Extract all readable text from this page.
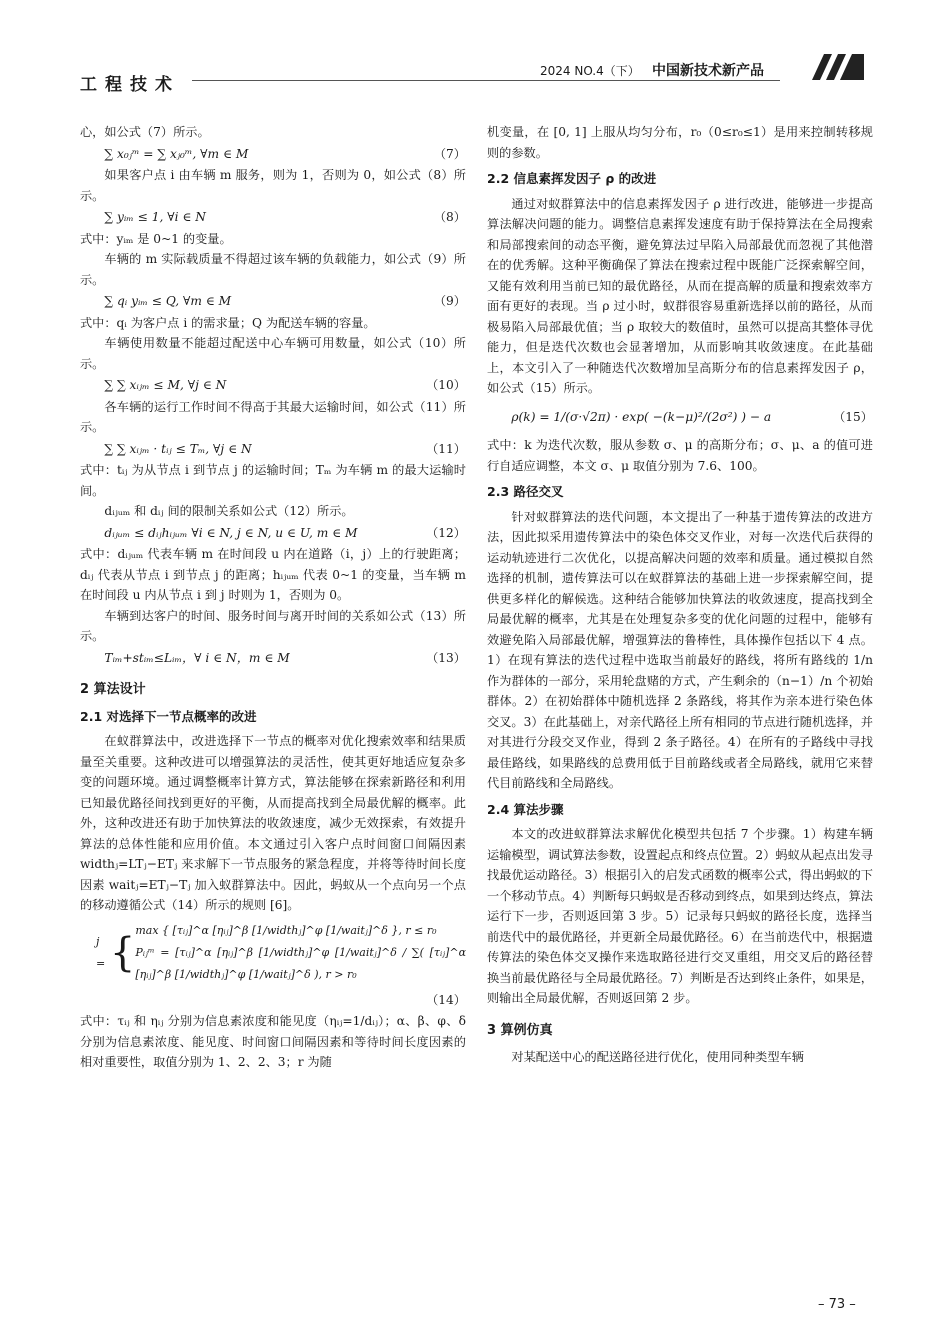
工程技术
2024 NO.4（下） 中国新技术新产品

心，如公式（7）所示。

∑ x₀ⱼᵐ = ∑ xⱼ₀ᵐ, ∀m ∈ M	（7）

如果客户点 i 由车辆 m 服务，则为 1，否则为 0，如公式（8）所示。

∑ yᵢₘ ≤ 1, ∀i ∈ N	（8）

式中：yᵢₘ 是 0~1 的变量。

车辆的 m 实际载质量不得超过该车辆的负载能力，如公式（9）所示。

∑ qᵢ yᵢₘ ≤ Q, ∀m ∈ M	（9）

式中：qᵢ 为客户点 i 的需求量；Q 为配送车辆的容量。

车辆使用数量不能超过配送中心车辆可用数量，如公式（10）所示。

∑ ∑ xᵢⱼₘ ≤ M, ∀j ∈ N	（10）

各车辆的运行工作时间不得高于其最大运输时间，如公式（11）所示。

∑ ∑ xᵢⱼₘ · tᵢⱼ ≤ Tₘ, ∀j ∈ N	（11）

式中：tᵢⱼ 为从节点 i 到节点 j 的运输时间；Tₘ 为车辆 m 的最大运输时间。

dᵢⱼᵤₘ 和 dᵢⱼ 间的限制关系如公式（12）所示。

dᵢⱼᵤₘ ≤ dᵢⱼhᵢⱼᵤₘ ∀i ∈ N, j ∈ N, u ∈ U, m ∈ M	（12）

式中：dᵢⱼᵤₘ 代表车辆 m 在时间段 u 内在道路（i，j）上的行驶距离；dᵢⱼ 代表从节点 i 到节点 j 的距离；hᵢⱼᵤₘ 代表 0~1 的变量，当车辆 m 在时间段 u 内从节点 i 到 j 时则为 1，否则为 0。

车辆到达客户的时间、服务时间与离开时间的关系如公式（13）所示。

Tᵢₘ+stᵢₘ≤Lᵢₘ，∀ i ∈ N，m ∈ M	（13）
2 算法设计
2.1 对选择下一节点概率的改进

在蚁群算法中，改进选择下一节点的概率对优化搜索效率和结果质量至关重要。这种改进可以增强算法的灵活性，使其更好地适应复杂多变的问题环境。通过调整概率计算方式，算法能够在探索新路径和利用已知最优路径间找到更好的平衡，从而提高找到全局最优解的概率。此外，这种改进还有助于加快算法的收敛速度，减少无效探索，有效提升算法的总体性能和应用价值。本文通过引入客户点时间窗口间隔因素 widthⱼ=LTⱼ−ETⱼ 来求解下一节点服务的紧急程度，并将等待时间长度因素 waitⱼ=ETⱼ−Tⱼ 加入蚁群算法中。因此，蚂蚁从一个点向另一个点的移动遵循公式（14）所示的规则 [6]。

j = { max { [τᵢⱼ]^α [ηᵢⱼ]^β [1/widthⱼ]^φ [1/waitⱼ]^δ }, r ≤ r₀
Pᵢⱼᵐ = [τᵢⱼ]^α [ηᵢⱼ]^β [1/widthⱼ]^φ [1/waitⱼ]^δ / ∑( [τᵢⱼ]^α [ηᵢⱼ]^β [1/widthⱼ]^φ [1/waitⱼ]^δ ), r > r₀
（14）

式中：τᵢⱼ 和 ηᵢⱼ 分别为信息素浓度和能见度（ηᵢⱼ=1/dᵢⱼ）；α、β、φ、δ 分别为信息素浓度、能见度、时间窗口间隔因素和等待时间长度因素的相对重要性，取值分别为 1、2、2、3；r 为随

机变量，在 [0, 1] 上服从均匀分布，r₀（0≤r₀≤1）是用来控制转移规则的参数。

2.2 信息素挥发因子 ρ 的改进

通过对蚁群算法中的信息素挥发因子 ρ 进行改进，能够进一步提高算法解决问题的能力。调整信息素挥发速度有助于保持算法在全局搜索和局部搜索间的动态平衡，避免算法过早陷入局部最优而忽视了其他潜在的优秀解。这种平衡确保了算法在搜索过程中既能广泛探索解空间，又能有效利用当前已知的最优路径，从而在提高解的质量和搜索效率方面有更好的表现。当 ρ 过小时，蚁群很容易重新选择以前的路径，从而极易陷入局部最优值；当 ρ 取较大的数值时，虽然可以提高其整体寻优能力，但是迭代次数也会显著增加，从而影响其收敛速度。在此基础上，本文引入了一种随迭代次数增加呈高斯分布的信息素挥发因子 ρ，如公式（15）所示。

ρ(k) = 1/(σ·√2π) · exp( −(k−μ)²/(2σ²) ) − a	（15）

式中：k 为迭代次数，服从参数 σ、μ 的高斯分布；σ、μ、a 的值可进行自适应调整，本文 σ、μ 取值分别为 7.6、100。

2.3 路径交叉

针对蚁群算法的迭代问题，本文提出了一种基于遗传算法的改进方法，因此拟采用遗传算法中的染色体交叉作业，对每一次迭代后获得的运动轨迹进行二次优化，以提高解决问题的效率和质量。通过模拟自然选择的机制，遗传算法可以在蚁群算法的基础上进一步探索解空间，提供更多样化的解候选。这种结合能够加快算法的收敛速度，提高找到全局最优解的概率，尤其是在处理复杂多变的优化问题的过程中，能够有效避免陷入局部最优解，增强算法的鲁棒性，具体操作包括以下 4 点。1）在现有算法的迭代过程中选取当前最好的路线，将所有路线的 1/n 作为群体的一部分，采用轮盘赌的方式，产生剩余的（n−1）/n 个初始群体。2）在初始群体中随机选择 2 条路线，将其作为亲本进行染色体交叉。3）在此基础上，对亲代路径上所有相同的节点进行随机选择，并对其进行分段交叉作业，得到 2 条子路径。4）在所有的子路线中寻找最佳路线，如果路线的总费用低于目前路线或者全局路线，就用它来替代目前路线和全局路线。

2.4 算法步骤

本文的改进蚁群算法求解优化模型共包括 7 个步骤。1）构建车辆运输模型，调试算法参数，设置起点和终点位置。2）蚂蚁从起点出发寻找最优运动路径。3）根据引入的启发式函数的概率公式，得出蚂蚁的下一个移动节点。4）判断每只蚂蚁是否移动到终点，如果到达终点，算法运行下一步，否则返回第 3 步。5）记录每只蚂蚁的路径长度，选择当前迭代中的最优路径，并更新全局最优路径。6）在当前迭代中，根据遗传算法的染色体交叉操作来选取路径进行交叉重组，用交叉后的路径替换当前最优路径与全局最优路径。7）判断是否达到终止条件，如果是，则输出全局最优解，否则返回第 2 步。

3 算例仿真

对某配送中心的配送路径进行优化，使用同种类型车辆

– 73 –
